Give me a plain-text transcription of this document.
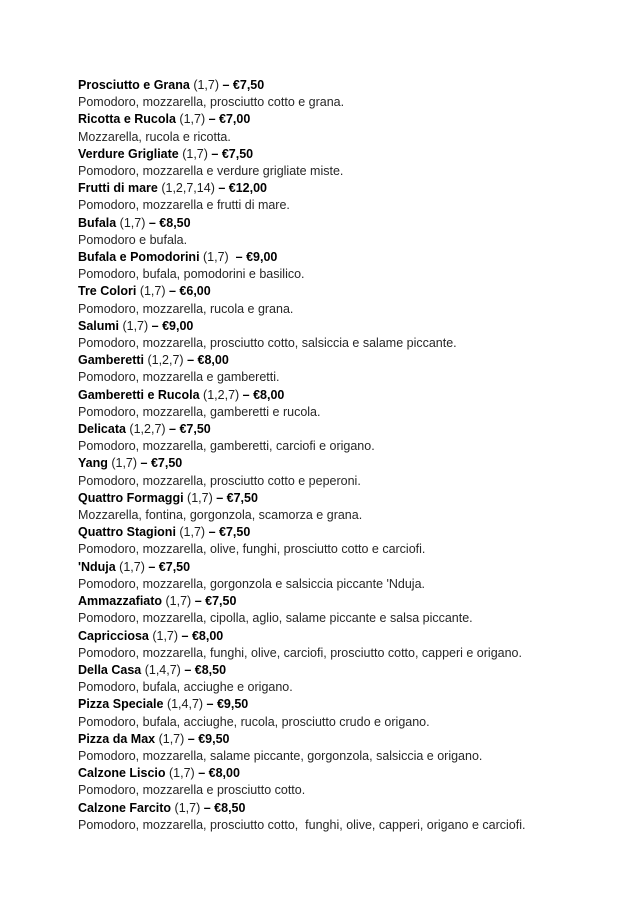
Prosciutto e Grana (1,7) – €7,50

Pomodoro, mozzarella, prosciutto cotto e grana.

Ricotta e Rucola (1,7) – €7,00

Mozzarella, rucola e ricotta.

Verdure Grigliate (1,7) – €7,50

Pomodoro, mozzarella e verdure grigliate miste.

Frutti di mare (1,2,7,14) – €12,00

Pomodoro, mozzarella e frutti di mare.

Bufala (1,7) – €8,50

Pomodoro e bufala.

Bufala e Pomodorini (1,7)  – €9,00

Pomodoro, bufala, pomodorini e basilico.

Tre Colori (1,7) – €6,00

Pomodoro, mozzarella, rucola e grana.

Salumi (1,7) – €9,00

Pomodoro, mozzarella, prosciutto cotto, salsiccia e salame piccante.

Gamberetti (1,2,7) – €8,00

Pomodoro, mozzarella e gamberetti.

Gamberetti e Rucola (1,2,7) – €8,00

Pomodoro, mozzarella, gamberetti e rucola.

Delicata (1,2,7) – €7,50

Pomodoro, mozzarella, gamberetti, carciofi e origano.

Yang (1,7) – €7,50

Pomodoro, mozzarella, prosciutto cotto e peperoni.

Quattro Formaggi (1,7) – €7,50

Mozzarella, fontina, gorgonzola, scamorza e grana.

Quattro Stagioni (1,7) – €7,50

Pomodoro, mozzarella, olive, funghi, prosciutto cotto e carciofi.

'Nduja (1,7) – €7,50

Pomodoro, mozzarella, gorgonzola e salsiccia piccante 'Nduja.

Ammazzafiato (1,7) – €7,50

Pomodoro, mozzarella, cipolla, aglio, salame piccante e salsa piccante.

Capricciosa (1,7) – €8,00

Pomodoro, mozzarella, funghi, olive, carciofi, prosciutto cotto, capperi e origano.

Della Casa (1,4,7) – €8,50

Pomodoro, bufala, acciughe e origano.

Pizza Speciale (1,4,7) – €9,50

Pomodoro, bufala, acciughe, rucola, prosciutto crudo e origano.

Pizza da Max (1,7) – €9,50

Pomodoro, mozzarella, salame piccante, gorgonzola, salsiccia e origano.

Calzone Liscio (1,7) – €8,00

Pomodoro, mozzarella e prosciutto cotto.

Calzone Farcito (1,7) – €8,50

Pomodoro, mozzarella, prosciutto cotto,  funghi, olive, capperi, origano e carciofi.
